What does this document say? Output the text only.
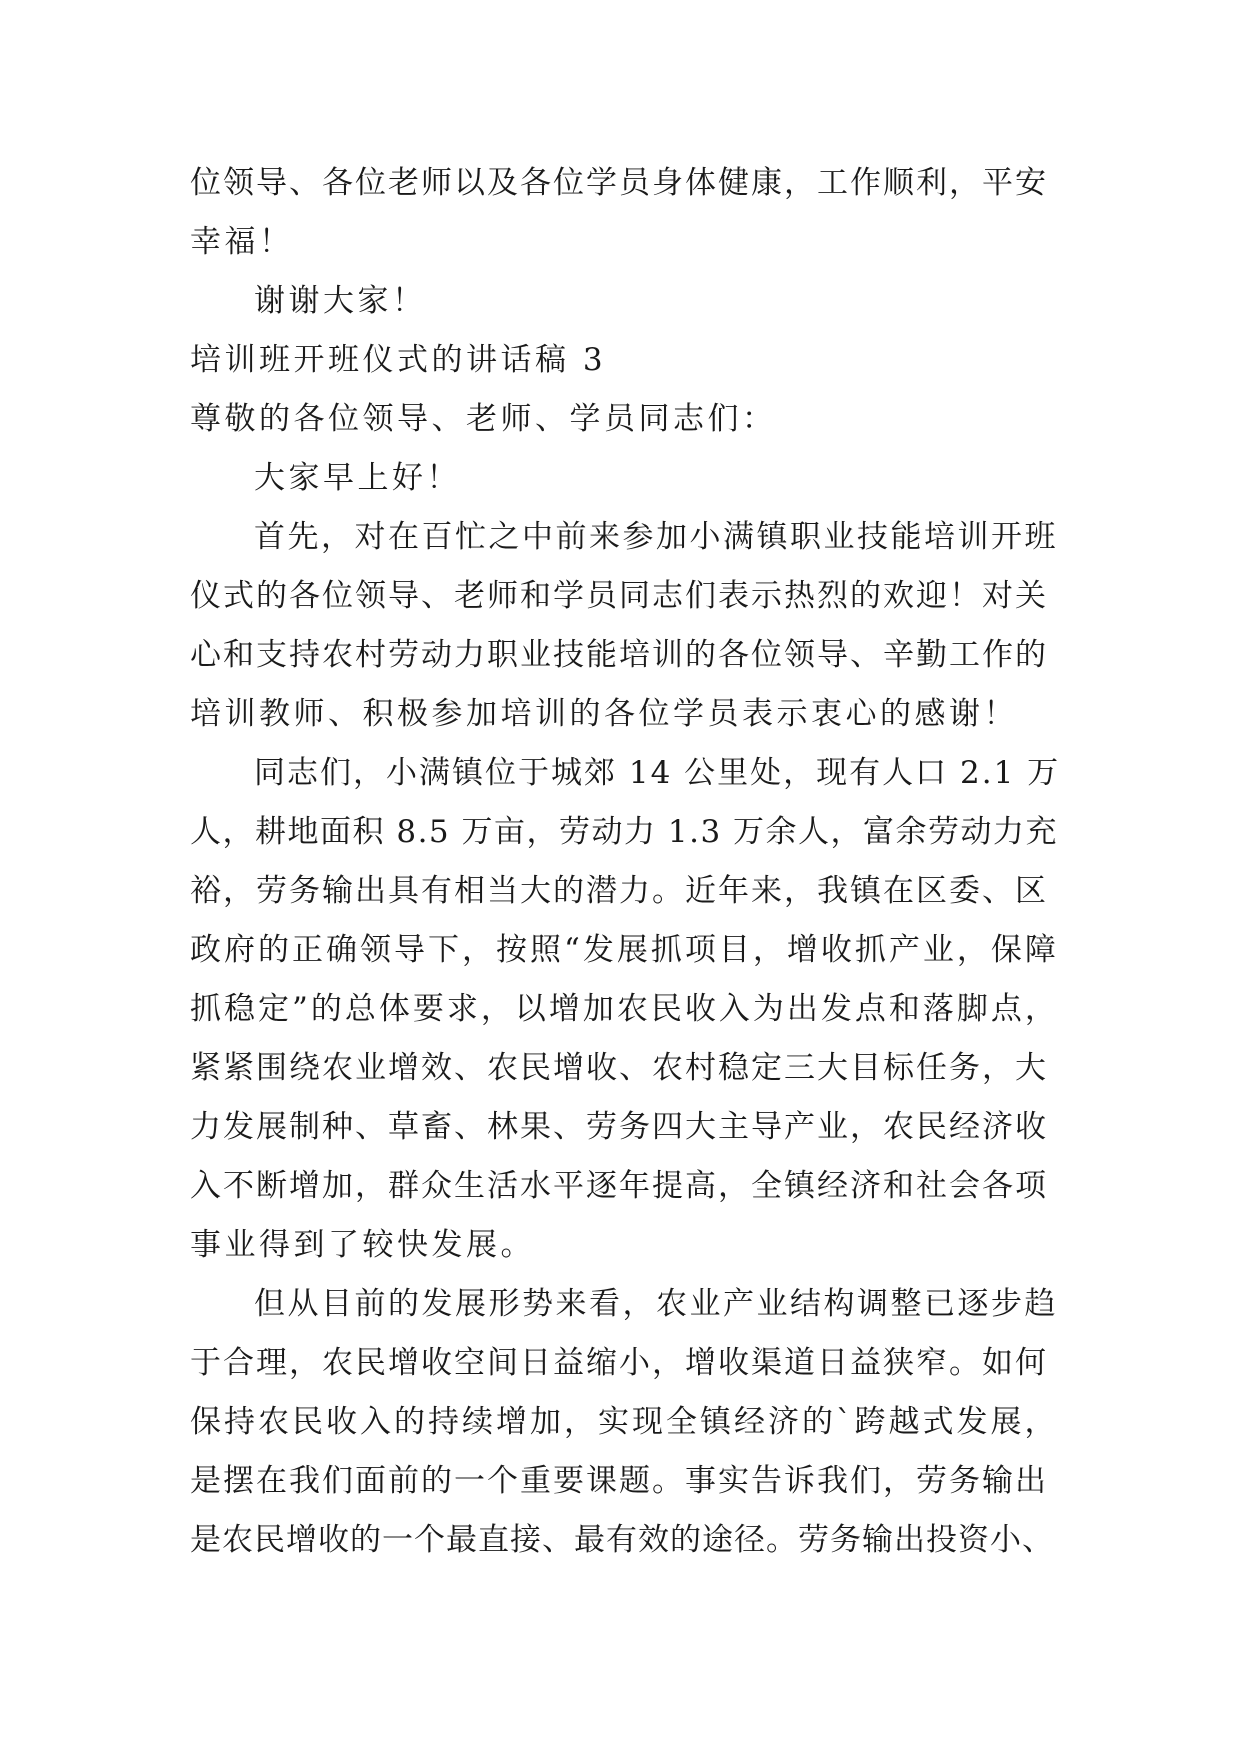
位领导、各位老师以及各位学员身体健康，工作顺利，平安
幸福！
谢谢大家！
培训班开班仪式的讲话稿 3
尊敬的各位领导、老师、学员同志们：
大家早上好！
首先，对在百忙之中前来参加小满镇职业技能培训开班
仪式的各位领导、老师和学员同志们表示热烈的欢迎！对关
心和支持农村劳动力职业技能培训的各位领导、辛勤工作的
培训教师、积极参加培训的各位学员表示衷心的感谢！
同志们，小满镇位于城郊 14 公里处，现有人口 2.1 万
人，耕地面积 8.5 万亩，劳动力 1.3 万余人，富余劳动力充
裕，劳务输出具有相当大的潜力。近年来，我镇在区委、区
政府的正确领导下，按照“发展抓项目，增收抓产业，保障
抓稳定”的总体要求，以增加农民收入为出发点和落脚点，
紧紧围绕农业增效、农民增收、农村稳定三大目标任务，大
力发展制种、草畜、林果、劳务四大主导产业，农民经济收
入不断增加，群众生活水平逐年提高，全镇经济和社会各项
事业得到了较快发展。
但从目前的发展形势来看，农业产业结构调整已逐步趋
于合理，农民增收空间日益缩小，增收渠道日益狭窄。如何
保持农民收入的持续增加，实现全镇经济的`跨越式发展，
是摆在我们面前的一个重要课题。事实告诉我们，劳务输出
是农民增收的一个最直接、最有效的途径。劳务输出投资小、
